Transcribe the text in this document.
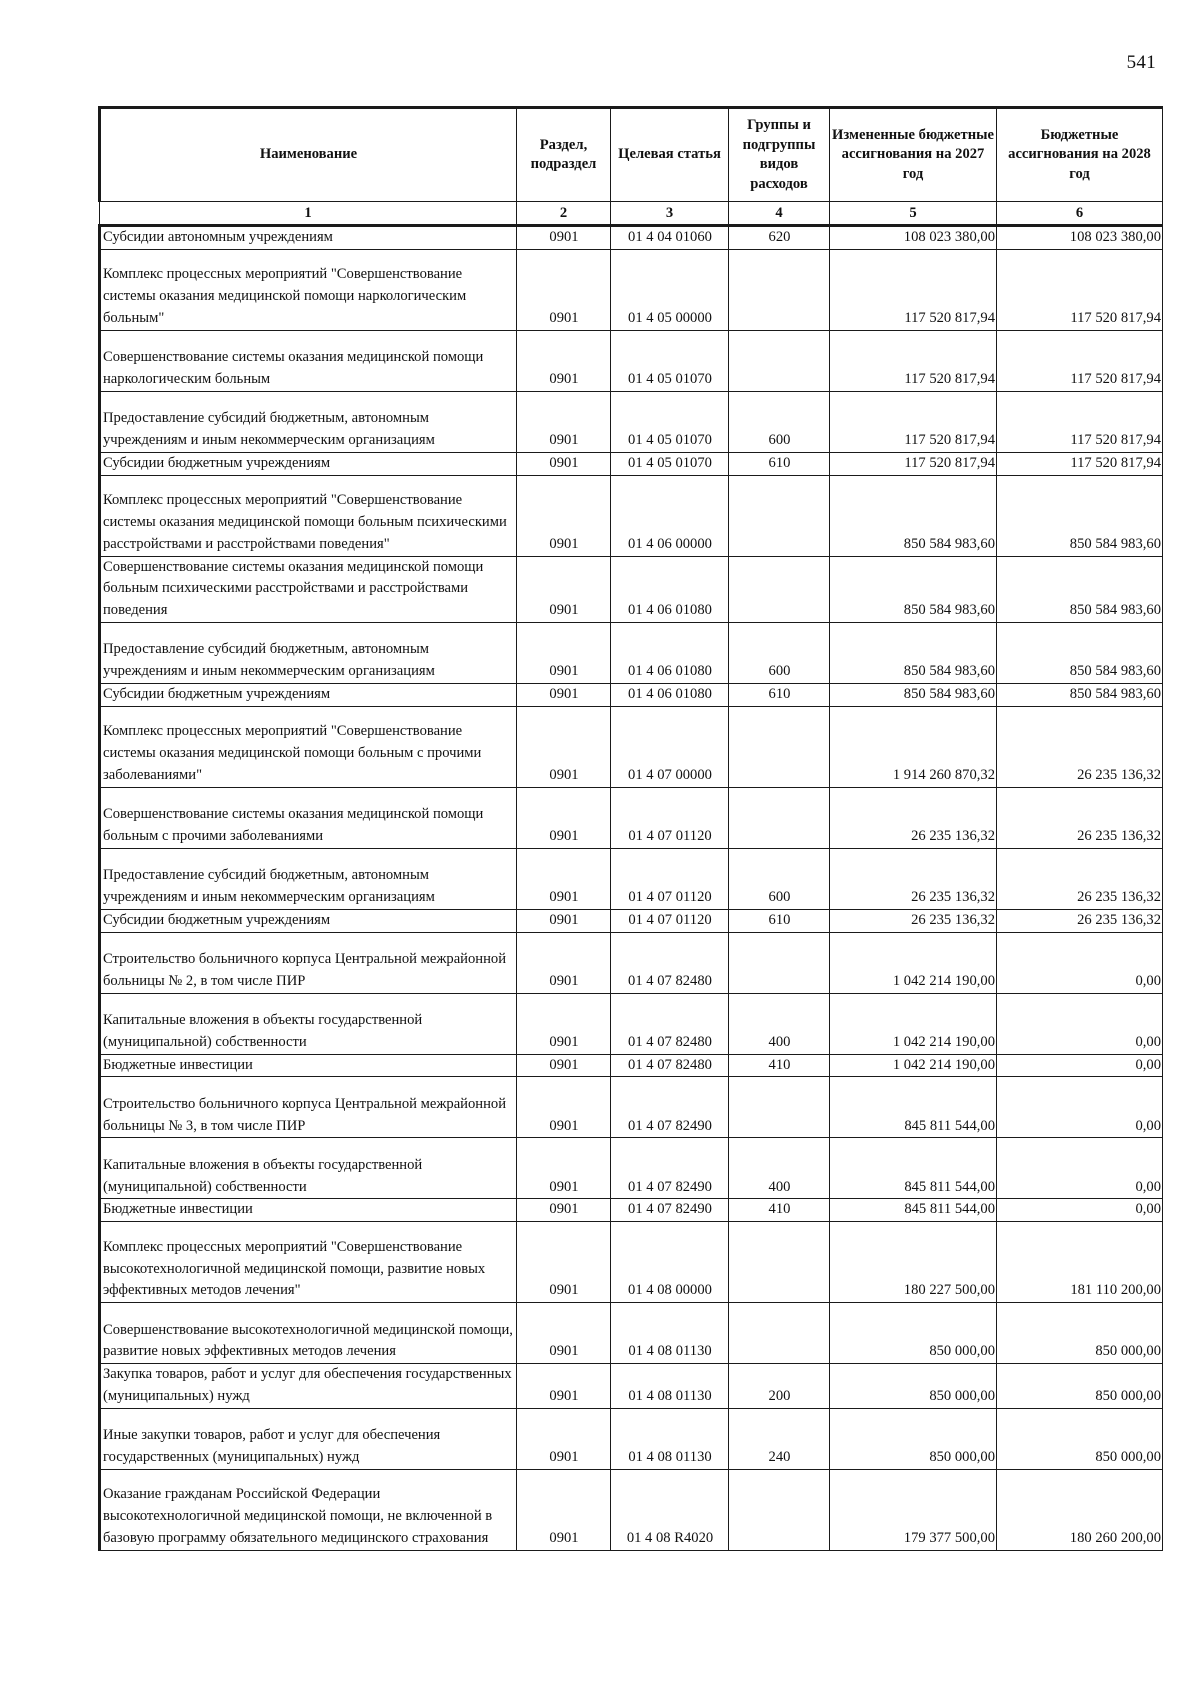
541
Наименование	Раздел, подраздел	Целевая статья	Группы и подгруппы видов расходов	Измененные бюджетные ассигнования на 2027 год	Бюджетные ассигнования на 2028 год
1	2	3	4	5	6
Субсидии автономным учреждениям	0901	01 4 04 01060	620	108 023 380,00	108 023 380,00
Комплекс процессных мероприятий "Совершенствование системы оказания медицинской помощи наркологическим больным"	0901	01 4 05 00000		117 520 817,94	117 520 817,94
Совершенствование системы оказания медицинской помощи наркологическим больным	0901	01 4 05 01070		117 520 817,94	117 520 817,94
Предоставление субсидий бюджетным, автономным учреждениям и иным некоммерческим организациям	0901	01 4 05 01070	600	117 520 817,94	117 520 817,94
Субсидии бюджетным учреждениям	0901	01 4 05 01070	610	117 520 817,94	117 520 817,94
Комплекс процессных мероприятий "Совершенствование системы оказания медицинской помощи больным психическими расстройствами и расстройствами поведения"	0901	01 4 06 00000		850 584 983,60	850 584 983,60
Совершенствование системы оказания медицинской помощи больным психическими расстройствами и расстройствами поведения	0901	01 4 06 01080		850 584 983,60	850 584 983,60
Предоставление субсидий бюджетным, автономным учреждениям и иным некоммерческим организациям	0901	01 4 06 01080	600	850 584 983,60	850 584 983,60
Субсидии бюджетным учреждениям	0901	01 4 06 01080	610	850 584 983,60	850 584 983,60
Комплекс процессных мероприятий "Совершенствование системы оказания медицинской помощи больным с прочими заболеваниями"	0901	01 4 07 00000		1 914 260 870,32	26 235 136,32
Совершенствование системы оказания медицинской помощи больным с прочими заболеваниями	0901	01 4 07 01120		26 235 136,32	26 235 136,32
Предоставление субсидий бюджетным, автономным учреждениям и иным некоммерческим организациям	0901	01 4 07 01120	600	26 235 136,32	26 235 136,32
Субсидии бюджетным учреждениям	0901	01 4 07 01120	610	26 235 136,32	26 235 136,32
Строительство больничного корпуса Центральной межрайонной больницы № 2, в том числе ПИР	0901	01 4 07 82480		1 042 214 190,00	0,00
Капитальные вложения в объекты государственной (муниципальной) собственности	0901	01 4 07 82480	400	1 042 214 190,00	0,00
Бюджетные инвестиции	0901	01 4 07 82480	410	1 042 214 190,00	0,00
Строительство больничного корпуса Центральной межрайонной больницы № 3, в том числе ПИР	0901	01 4 07 82490		845 811 544,00	0,00
Капитальные вложения в объекты государственной (муниципальной) собственности	0901	01 4 07 82490	400	845 811 544,00	0,00
Бюджетные инвестиции	0901	01 4 07 82490	410	845 811 544,00	0,00
Комплекс процессных мероприятий "Совершенствование высокотехнологичной медицинской помощи, развитие новых эффективных методов лечения"	0901	01 4 08 00000		180 227 500,00	181 110 200,00
Совершенствование высокотехнологичной медицинской помощи, развитие новых эффективных методов лечения	0901	01 4 08 01130		850 000,00	850 000,00
Закупка товаров, работ и услуг для обеспечения государственных (муниципальных) нужд	0901	01 4 08 01130	200	850 000,00	850 000,00
Иные закупки товаров, работ и услуг для обеспечения государственных (муниципальных) нужд	0901	01 4 08 01130	240	850 000,00	850 000,00
Оказание гражданам Российской Федерации высокотехнологичной медицинской помощи, не включенной в базовую программу обязательного медицинского страхования	0901	01 4 08 R4020		179 377 500,00	180 260 200,00
